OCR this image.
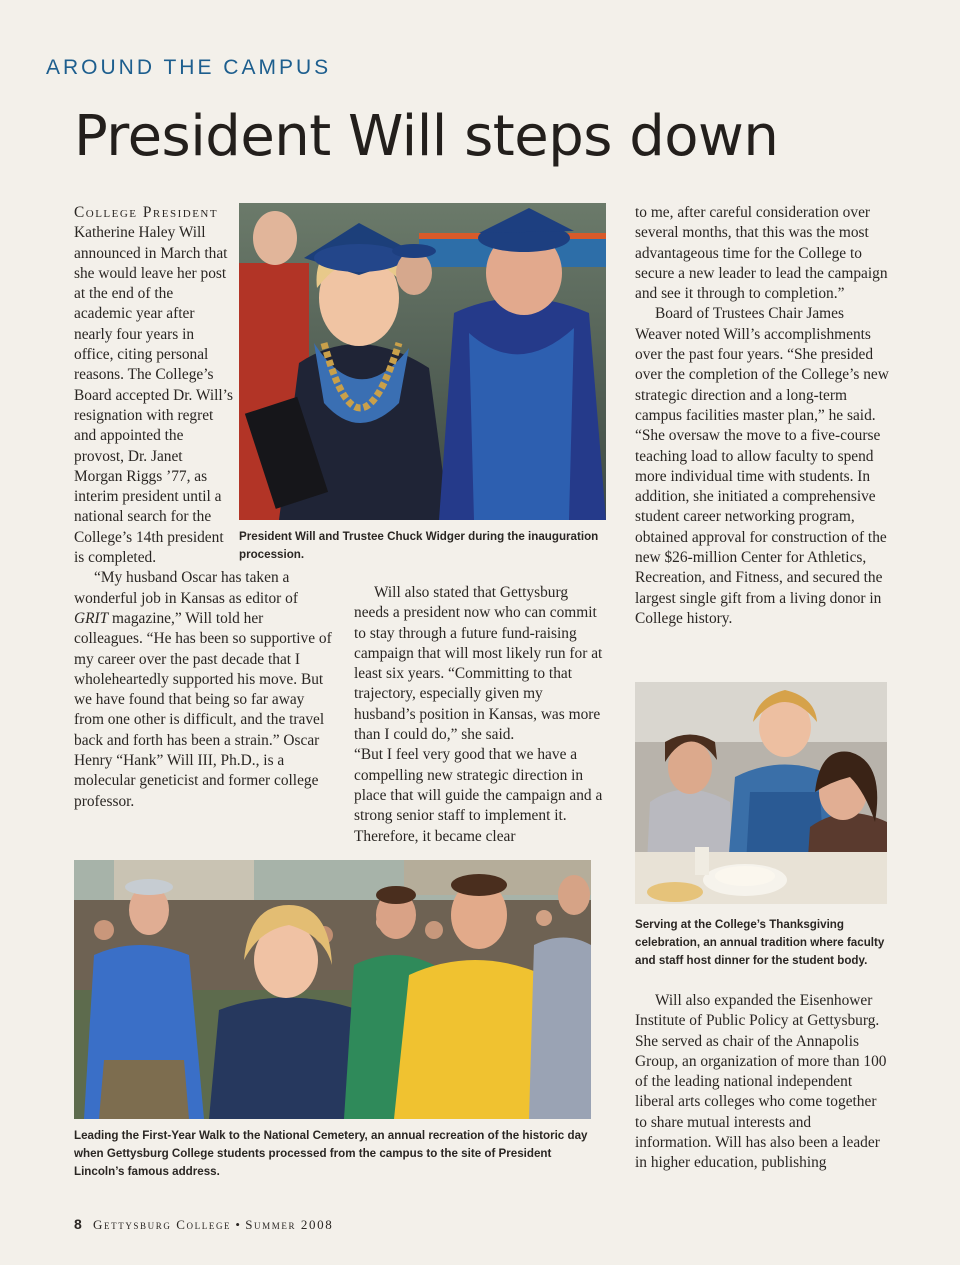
AROUND THE CAMPUS
President Will steps down

College President Katherine Haley Will announced in March that she would leave her post at the end of the academic year after nearly four years in office, citing personal reasons. The College’s Board accepted Dr. Will’s resignation with regret and appointed the provost, Dr. Janet Morgan Riggs ’77, as interim president until a national search for the College’s 14th president is completed.

“My husband Oscar has taken a wonderful job in Kansas as editor of GRIT magazine,” Will told her colleagues. “He has been so supportive of my career over the past decade that I wholeheartedly supported his move. But we have found that being so far away from one other is difficult, and the travel back and forth has been a strain.” Oscar Henry “Hank” Will III, Ph.D., is a molecular geneticist and former college professor.

Will also stated that Gettysburg needs a president now who can commit to stay through a future fund-raising campaign that will most likely run for at least six years. “Committing to that trajectory, especially given my husband’s position in Kansas, was more than I could do,” she said.

“But I feel very good that we have a compelling new strategic direction in place that will guide the campaign and a strong senior staff to implement it. Therefore, it became clear

to me, after careful consideration over several months, that this was the most advantageous time for the College to secure a new leader to lead the campaign and see it through to completion.”

Board of Trustees Chair James Weaver noted Will’s accomplishments over the past four years. “She presided over the completion of the College’s new strategic direction and a long-term campus facilities master plan,” he said. “She oversaw the move to a five-course teaching load to allow faculty to spend more individual time with students. In addition, she initiated a comprehensive student career networking program, obtained approval for construction of the new $26-million Center for Athletics, Recreation, and Fitness, and secured the largest single gift from a living donor in College history.

Will also expanded the Eisenhower Institute of Public Policy at Gettysburg. She served as chair of the Annapolis Group, an organization of more than 100 of the leading national independent liberal arts colleges who come together to share mutual interests and information. Will has also been a leader in higher education, publishing

President Will and Trustee Chuck Widger during the inauguration procession.

Serving at the College’s Thanksgiving celebration, an annual tradition where faculty and staff host dinner for the student body.

Leading the First-Year Walk to the National Cemetery, an annual recreation of the historic day when Gettysburg College students processed from the campus to the site of President Lincoln’s famous address.

8 Gettysburg College • Summer 2008
